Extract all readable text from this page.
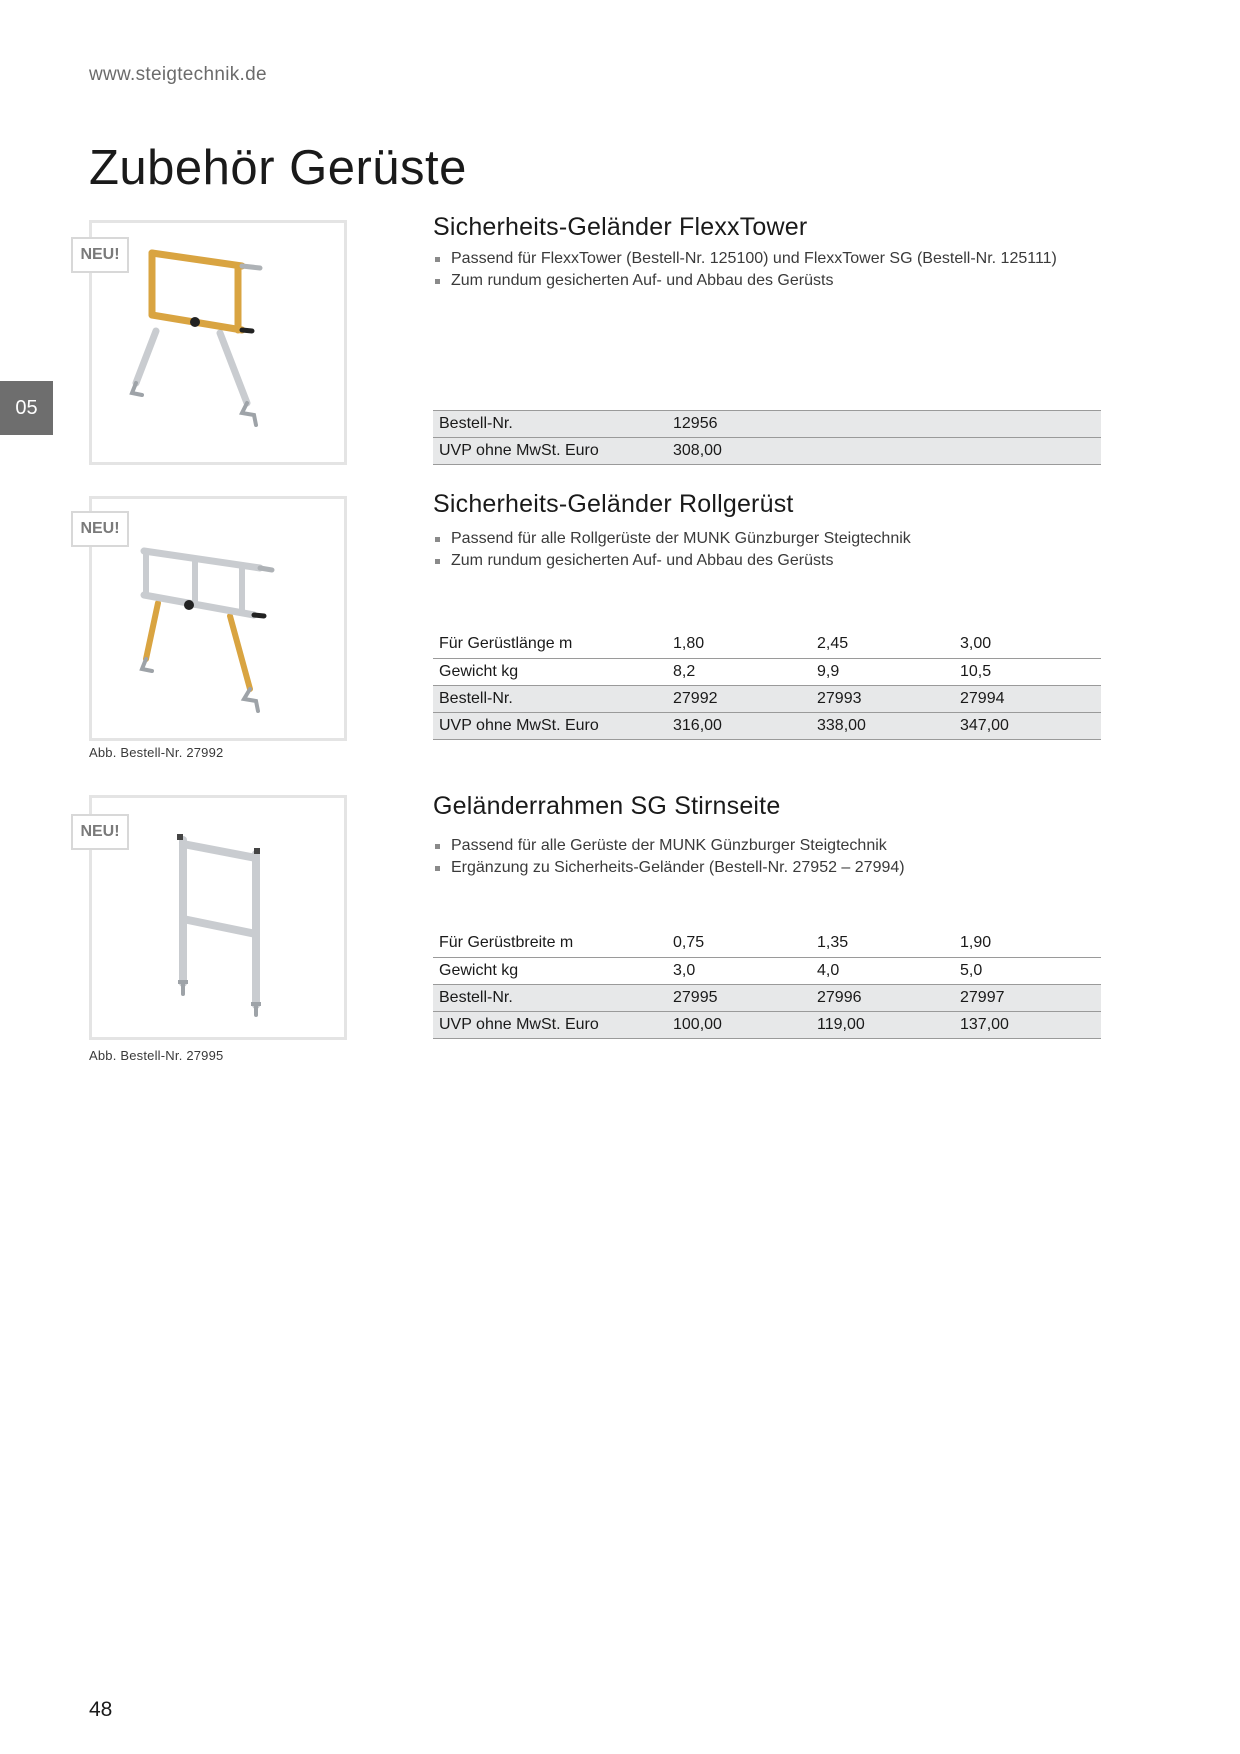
www.steigtechnik.de
Zubehör Gerüste
05
NEU!
Sicherheits-Geländer FlexxTower
Passend für FlexxTower (Bestell-Nr. 125100) und FlexxTower SG (Bestell-Nr. 125111)
Zum rundum gesicherten Auf- und Abbau des Gerüsts
Bestell-Nr.	12956
UVP ohne MwSt. Euro	308,00
NEU!
Abb. Bestell-Nr. 27992
Sicherheits-Geländer Rollgerüst
Passend für alle Rollgerüste der MUNK Günzburger Steigtechnik
Zum rundum gesicherten Auf- und Abbau des Gerüsts
Für Gerüstlänge m	1,80	2,45	3,00
Gewicht kg	8,2	9,9	10,5
Bestell-Nr.	27992	27993	27994
UVP ohne MwSt. Euro	316,00	338,00	347,00
NEU!
Abb. Bestell-Nr. 27995
Geländerrahmen SG Stirnseite
Passend für alle Gerüste der MUNK Günzburger Steigtechnik
Ergänzung zu Sicherheits-Geländer (Bestell-Nr. 27952 – 27994)
Für Gerüstbreite m	0,75	1,35	1,90
Gewicht kg	3,0	4,0	5,0
Bestell-Nr.	27995	27996	27997
UVP ohne MwSt. Euro	100,00	119,00	137,00
48
